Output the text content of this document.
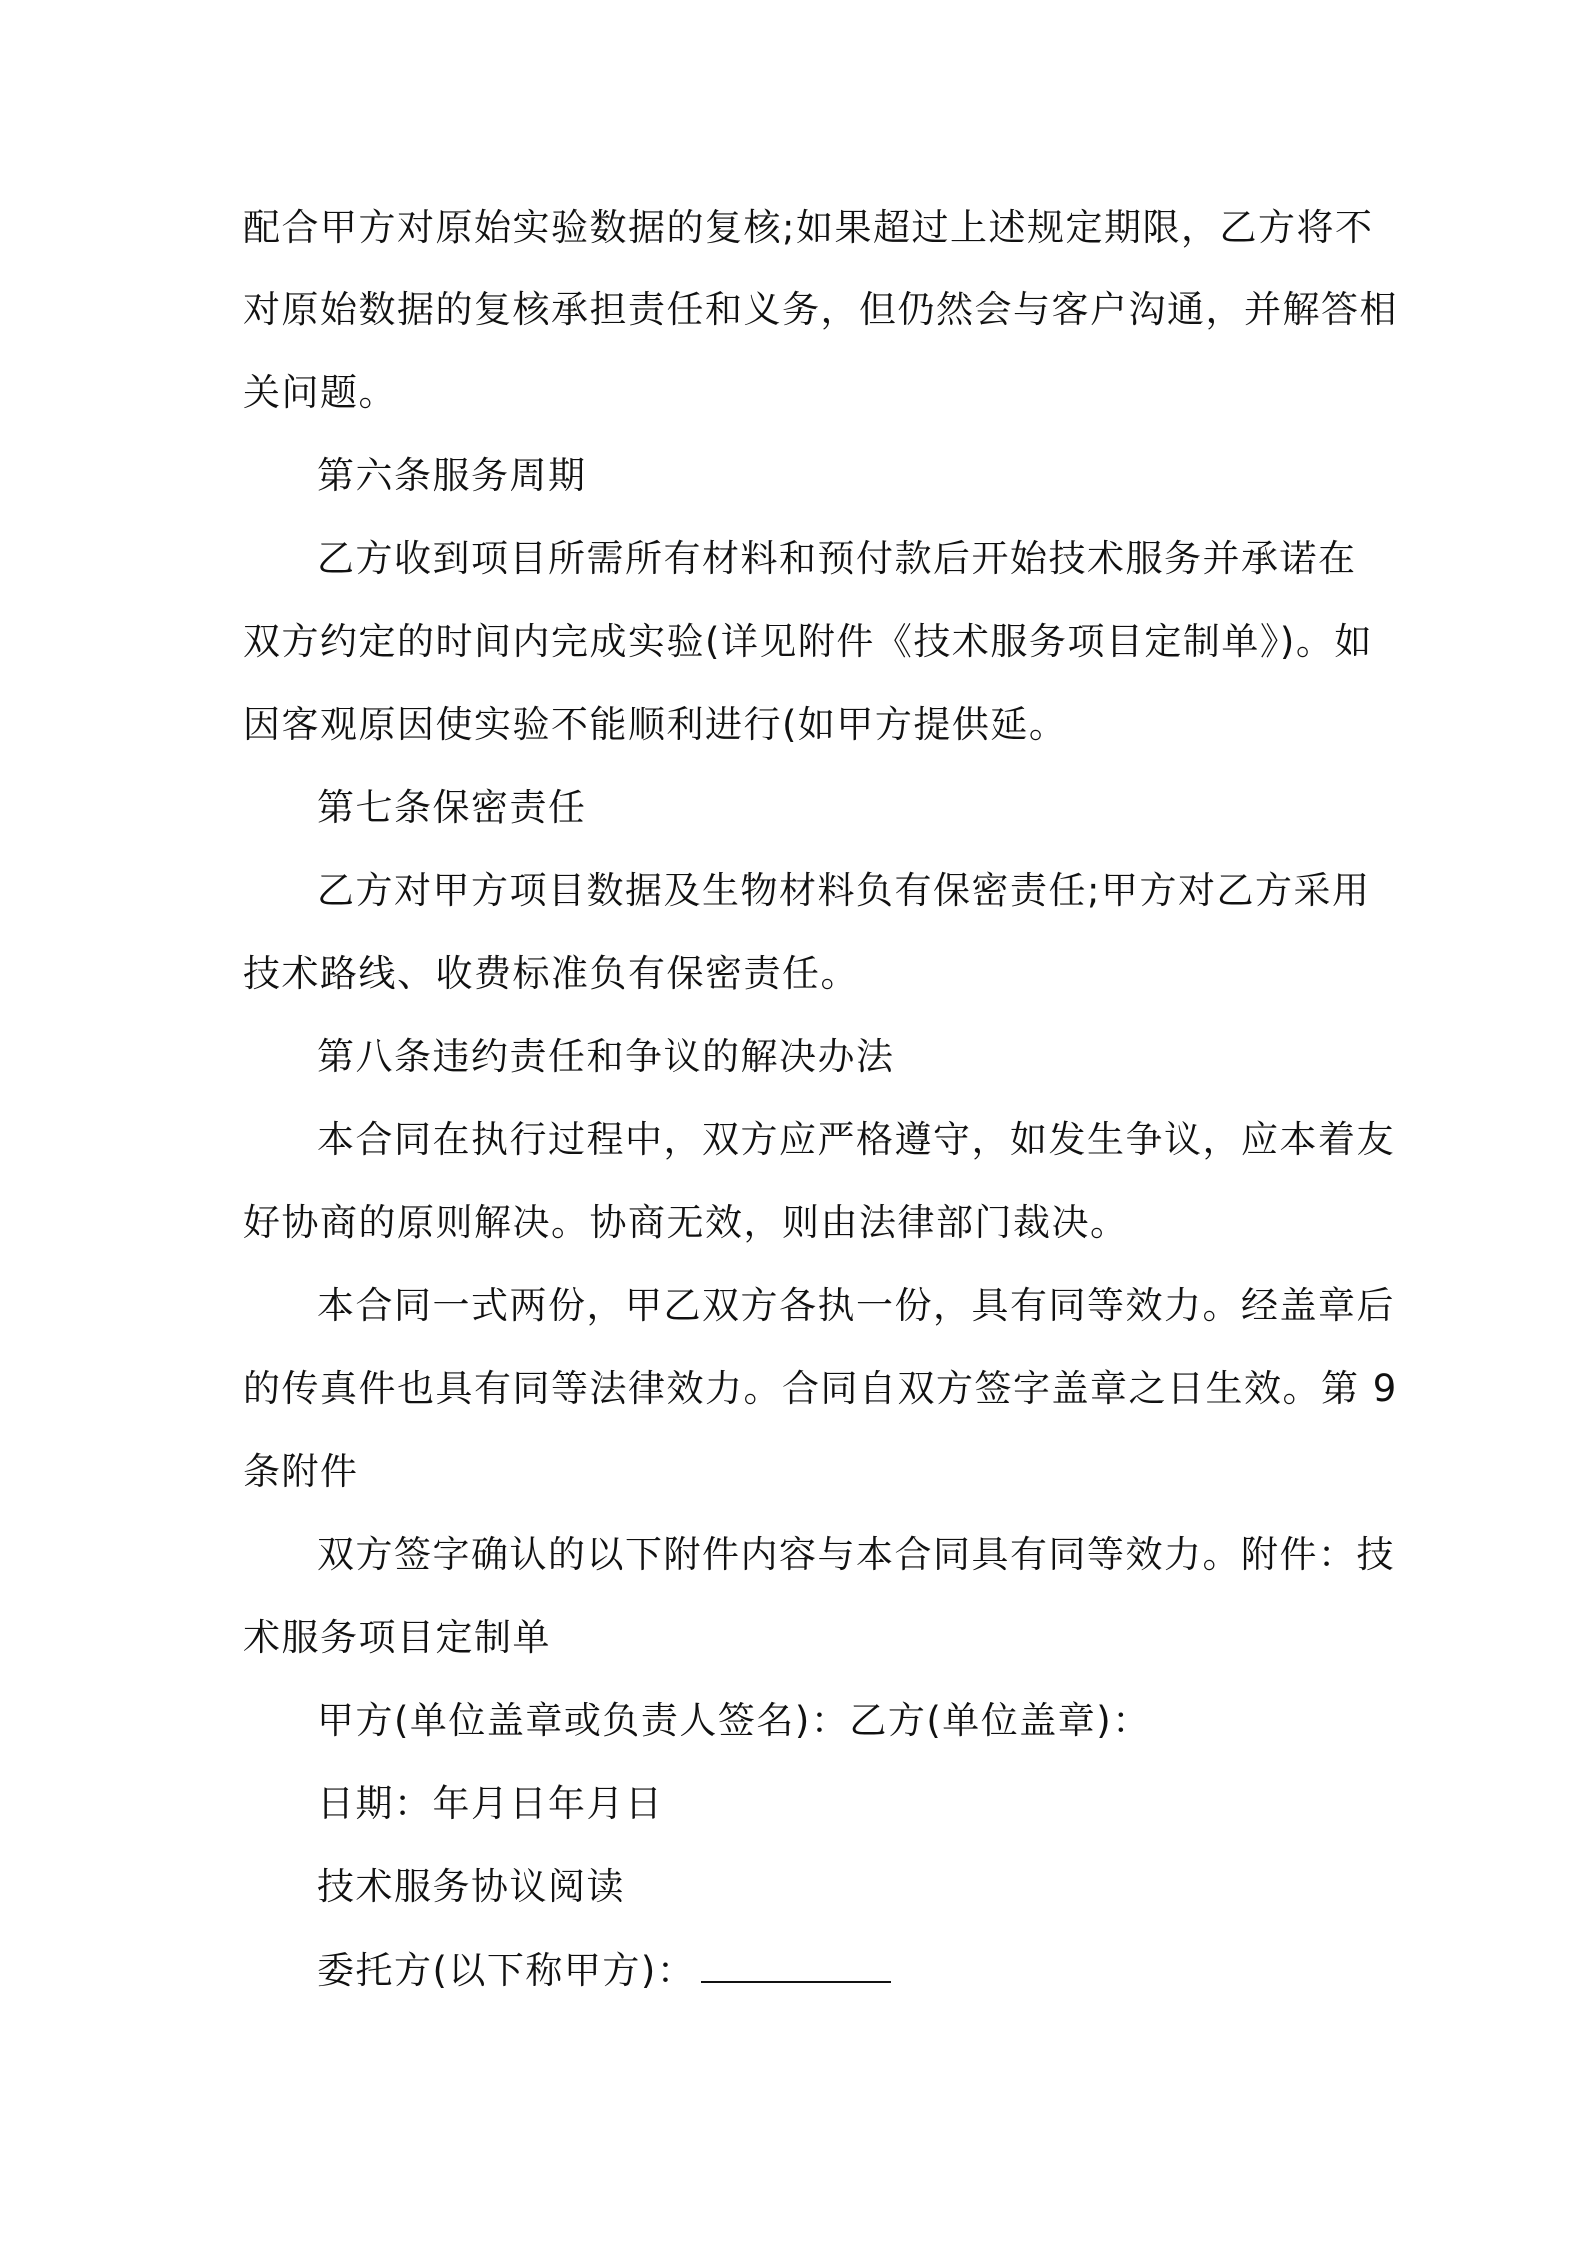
配合甲方对原始实验数据的复核;如果超过上述规定期限，乙方将不
对原始数据的复核承担责任和义务，但仍然会与客户沟通，并解答相
关问题。
第六条服务周期
乙方收到项目所需所有材料和预付款后开始技术服务并承诺在
双方约定的时间内完成实验(详见附件《技术服务项目定制单》)。如
因客观原因使实验不能顺利进行(如甲方提供延。
第七条保密责任
乙方对甲方项目数据及生物材料负有保密责任;甲方对乙方采用
技术路线、收费标准负有保密责任。
第八条违约责任和争议的解决办法
本合同在执行过程中，双方应严格遵守，如发生争议，应本着友
好协商的原则解决。协商无效，则由法律部门裁决。
本合同一式两份，甲乙双方各执一份，具有同等效力。经盖章后
的传真件也具有同等法律效力。合同自双方签字盖章之日生效。第 9
条附件
双方签字确认的以下附件内容与本合同具有同等效力。附件：技
术服务项目定制单
甲方(单位盖章或负责人签名)：乙方(单位盖章)：
日期：年月日年月日
技术服务协议阅读
委托方(以下称甲方)：
